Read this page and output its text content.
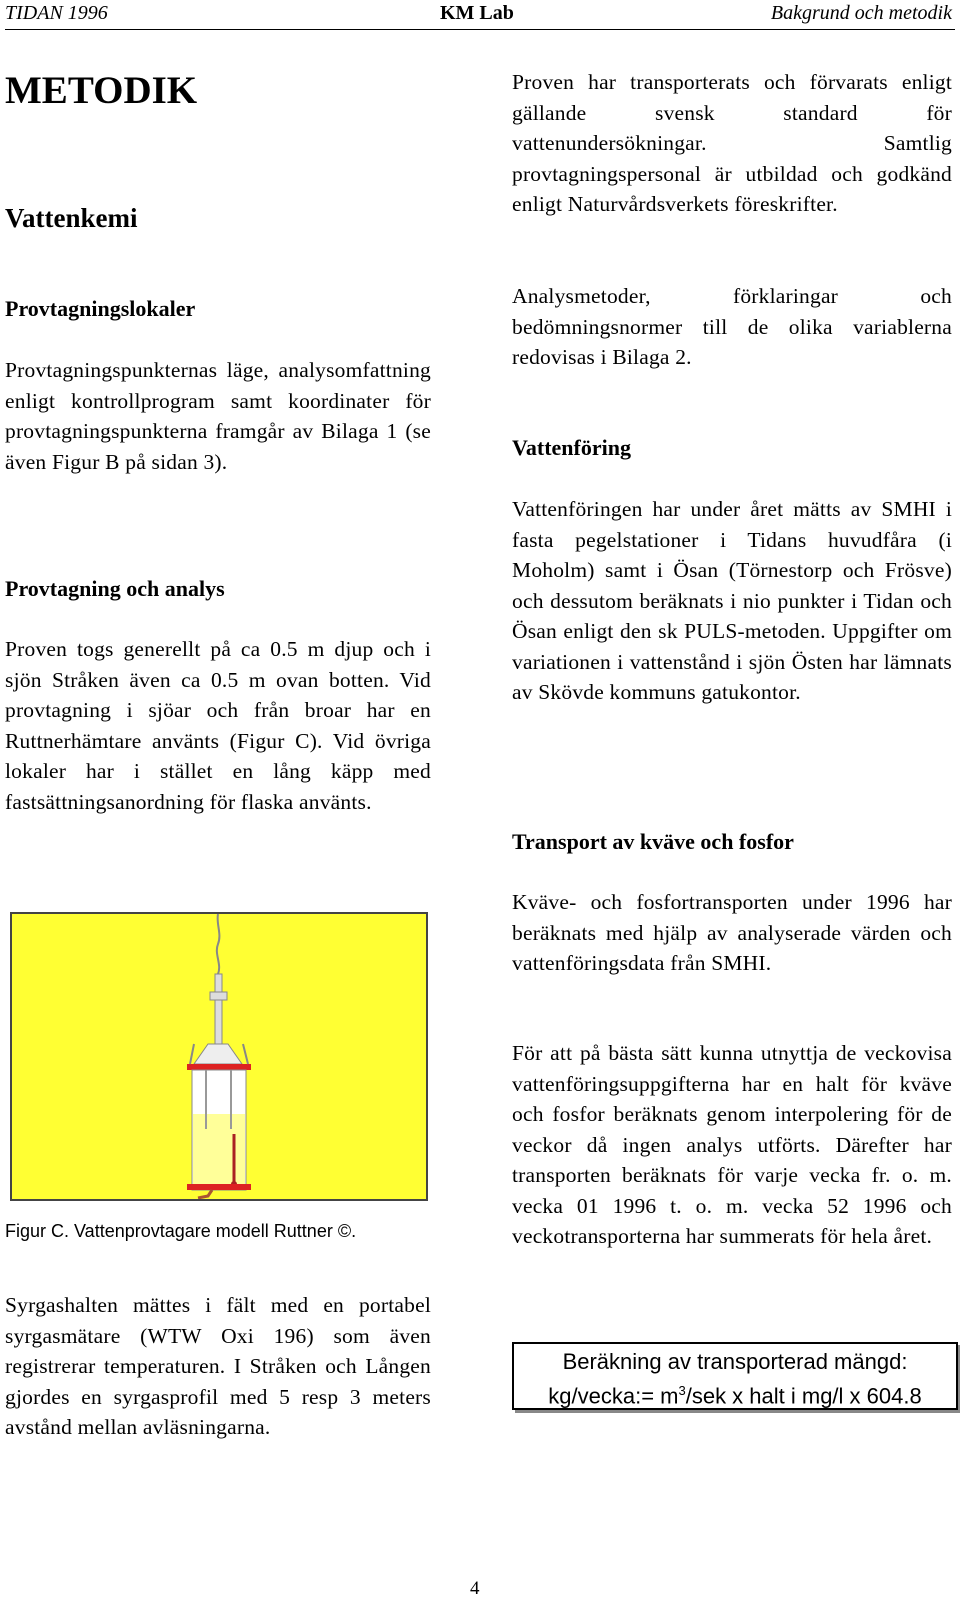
TIDAN 1996	KM Lab	Bakgrund och metodik
METODIK
Vattenkemi
Provtagningslokaler

Provtagningspunkternas läge, analysomfattning enligt kontrollprogram samt koordinater för provtagningspunkterna framgår av Bilaga 1 (se även Figur B på sidan 3).

Provtagning och analys

Proven togs generellt på ca 0.5 m djup och i sjön Stråken även ca 0.5 m ovan botten. Vid provtagning i sjöar och från broar har en Ruttnerhämtare använts (Figur C). Vid övriga lokaler har i stället en lång käpp med fastsättningsanordning för flaska använts.

Figur C. Vattenprovtagare modell Ruttner ©.

Syrgashalten mättes i fält med en portabel syrgasmätare (WTW Oxi 196) som även registrerar temperaturen. I Stråken och Lången gjordes en syrgasprofil med 5 resp 3 meters avstånd mellan avläsningarna.

Proven har transporterats och förvarats enligt gällande svensk standard för vattenundersökningar. Samtlig provtagningspersonal är utbildad och godkänd enligt Naturvårdsverkets föreskrifter.

Analysmetoder, förklaringar och bedömningsnormer till de olika variablerna redovisas i Bilaga 2.

Vattenföring

Vattenföringen har under året mätts av SMHI i fasta pegelstationer i Tidans huvudfåra (i Moholm) samt i Ösan (Törnestorp och Frösve) och dessutom beräknats i nio punkter i Tidan och Ösan enligt den sk PULS-metoden. Uppgifter om variationen i vattenstånd i sjön Östen har lämnats av Skövde kommuns gatukontor.

Transport av kväve och fosfor

Kväve- och fosfortransporten under 1996 har beräknats med hjälp av analyserade värden och vattenföringsdata från SMHI.

För att på bästa sätt kunna utnyttja de veckovisa vattenföringsuppgifterna har en halt för kväve och fosfor beräknats genom interpolering för de veckor då ingen analys utförts. Därefter har transporten beräknats för varje vecka fr. o. m. vecka 01 1996 t. o. m. vecka 52 1996 och veckotransporterna har summerats för hela året.

Beräkning av transporterad mängd:
kg/vecka:= $m^3$/sek x halt i mg/l x 604.8
4
